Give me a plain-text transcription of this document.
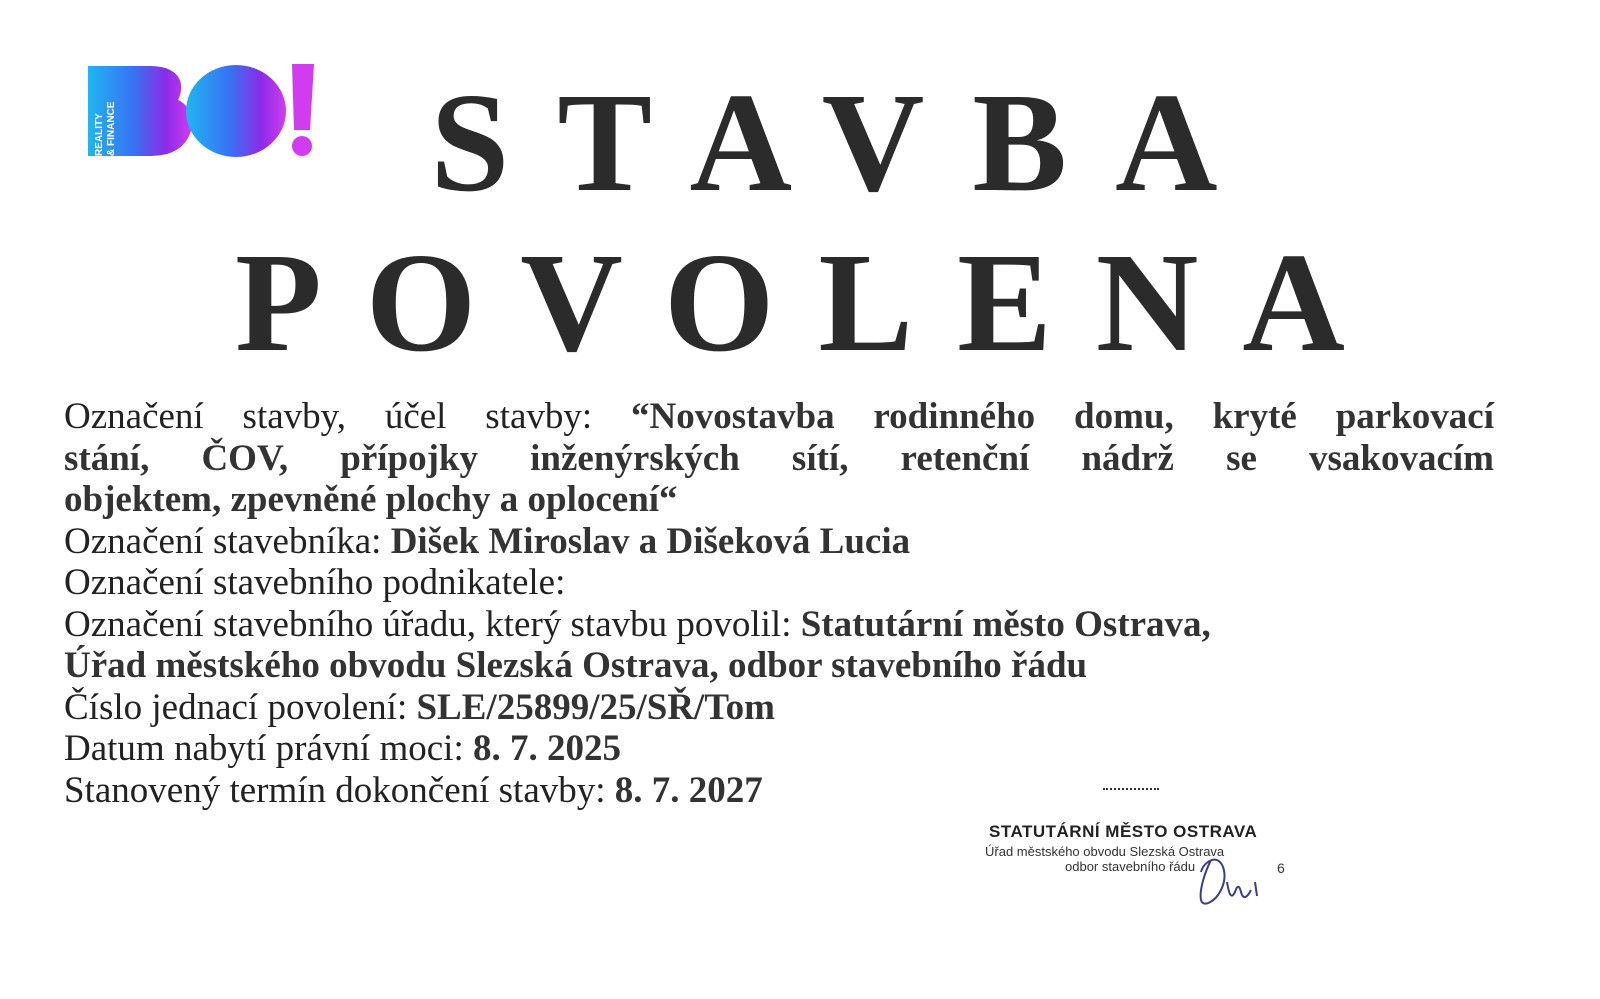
REALITY & FINANCE	STAVBA
POVOLENA
Označení stavby, účel stavby: “Novostavba rodinného domu, kryté parkovací
stání, ČOV, přípojky inženýrských sítí, retenční nádrž se vsakovacím
objektem, zpevněné plochy a oplocení“
Označení stavebníka: Dišek Miroslav a Dišeková Lucia
Označení stavebního podnikatele:
Označení stavebního úřadu, který stavbu povolil: Statutární město Ostrava,
Úřad městského obvodu Slezská Ostrava, odbor stavebního řádu
Číslo jednací povolení: SLE/25899/25/SŘ/Tom
Datum nabytí právní moci: 8. 7. 2025
Stanovený termín dokončení stavby: 8. 7. 2027
STATUTÁRNÍ MĚSTO OSTRAVA
Úřad městského obvodu Slezská Ostrava
odbor stavebního řádu	6
